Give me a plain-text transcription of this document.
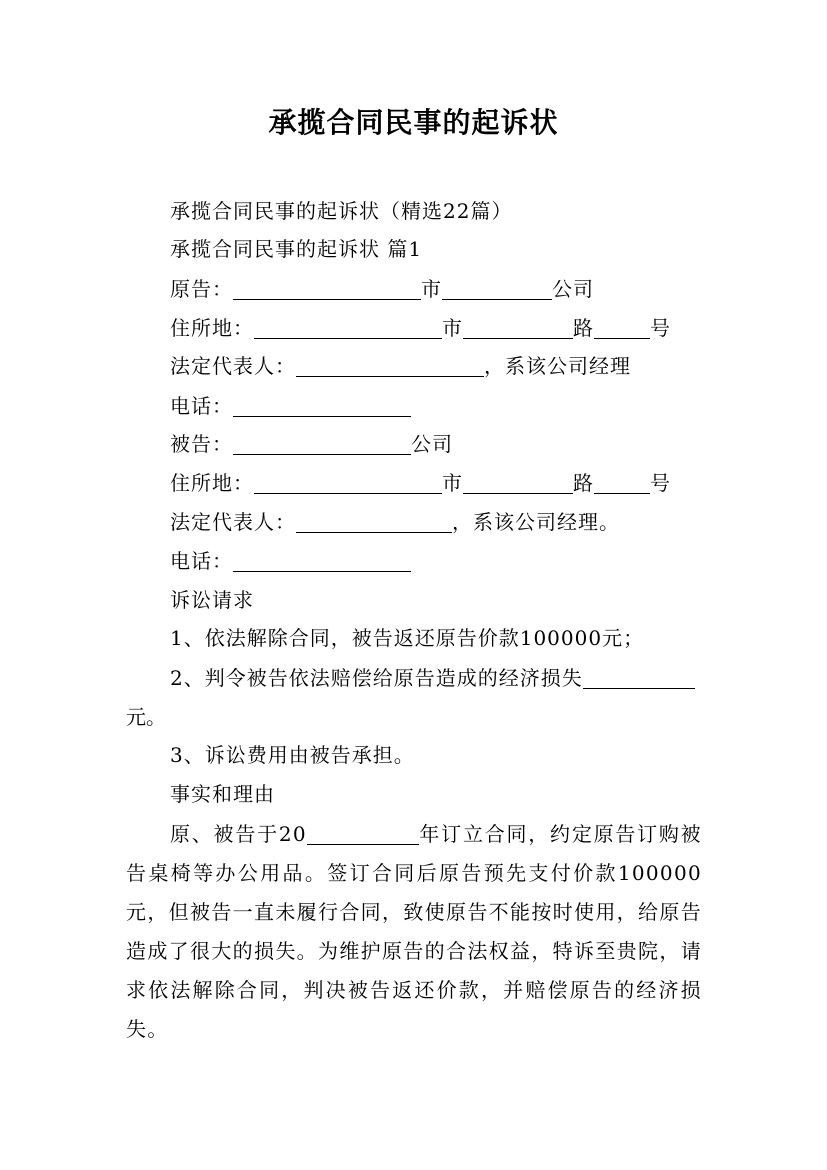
承揽合同民事的起诉状
承揽合同民事的起诉状（精选22篇）
承揽合同民事的起诉状 篇1
原告：	市	公司
住所地：	市	路	号
法定代表人：	，系该公司经理
电话：
被告：	公司
住所地：	市	路	号
法定代表人：	，系该公司经理。
电话：
诉讼请求
1、依法解除合同，被告返还原告价款100000元；
2、判令被告依法赔偿给原告造成的经济损失
元。
3、诉讼费用由被告承担。
事实和理由
原、被告于20	年订立合同，约定原告订购被告桌椅等办公用品。签订合同后原告预先支付价款100000元，但被告一直未履行合同，致使原告不能按时使用，给原告造成了很大的损失。为维护原告的合法权益，特诉至贵院，请求依法解除合同，判决被告返还价款，并赔偿原告的经济损失。
